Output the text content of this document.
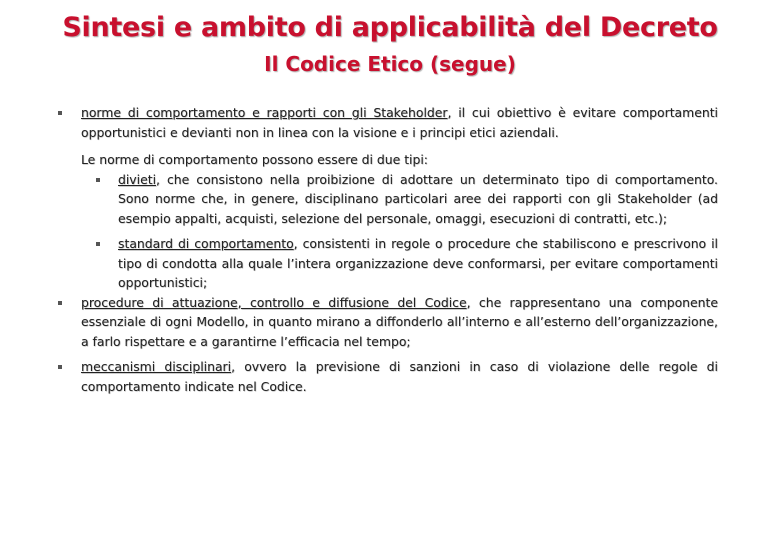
Sintesi e ambito di applicabilità del Decreto
Il Codice Etico (segue)
norme di comportamento e rapporti con gli Stakeholder, il cui obiettivo è evitare comportamenti opportunistici e devianti non in linea con la visione e i principi etici aziendali.
Le norme di comportamento possono essere di due tipi:
divieti, che consistono nella proibizione di adottare un determinato tipo di comportamento. Sono norme che, in genere, disciplinano particolari aree dei rapporti con gli Stakeholder (ad esempio appalti, acquisti, selezione del personale, omaggi, esecuzioni di contratti, etc.);
standard di comportamento, consistenti in regole o procedure che stabiliscono e prescrivono il tipo di condotta alla quale l’intera organizzazione deve conformarsi, per evitare comportamenti opportunistici;
procedure di attuazione, controllo e diffusione del Codice, che rappresentano una componente essenziale di ogni Modello, in quanto mirano a diffonderlo all’interno e all’esterno dell’organizzazione, a farlo rispettare e a garantirne l’efficacia nel tempo;
meccanismi disciplinari, ovvero la previsione di sanzioni in caso di violazione delle regole di comportamento indicate nel Codice.
